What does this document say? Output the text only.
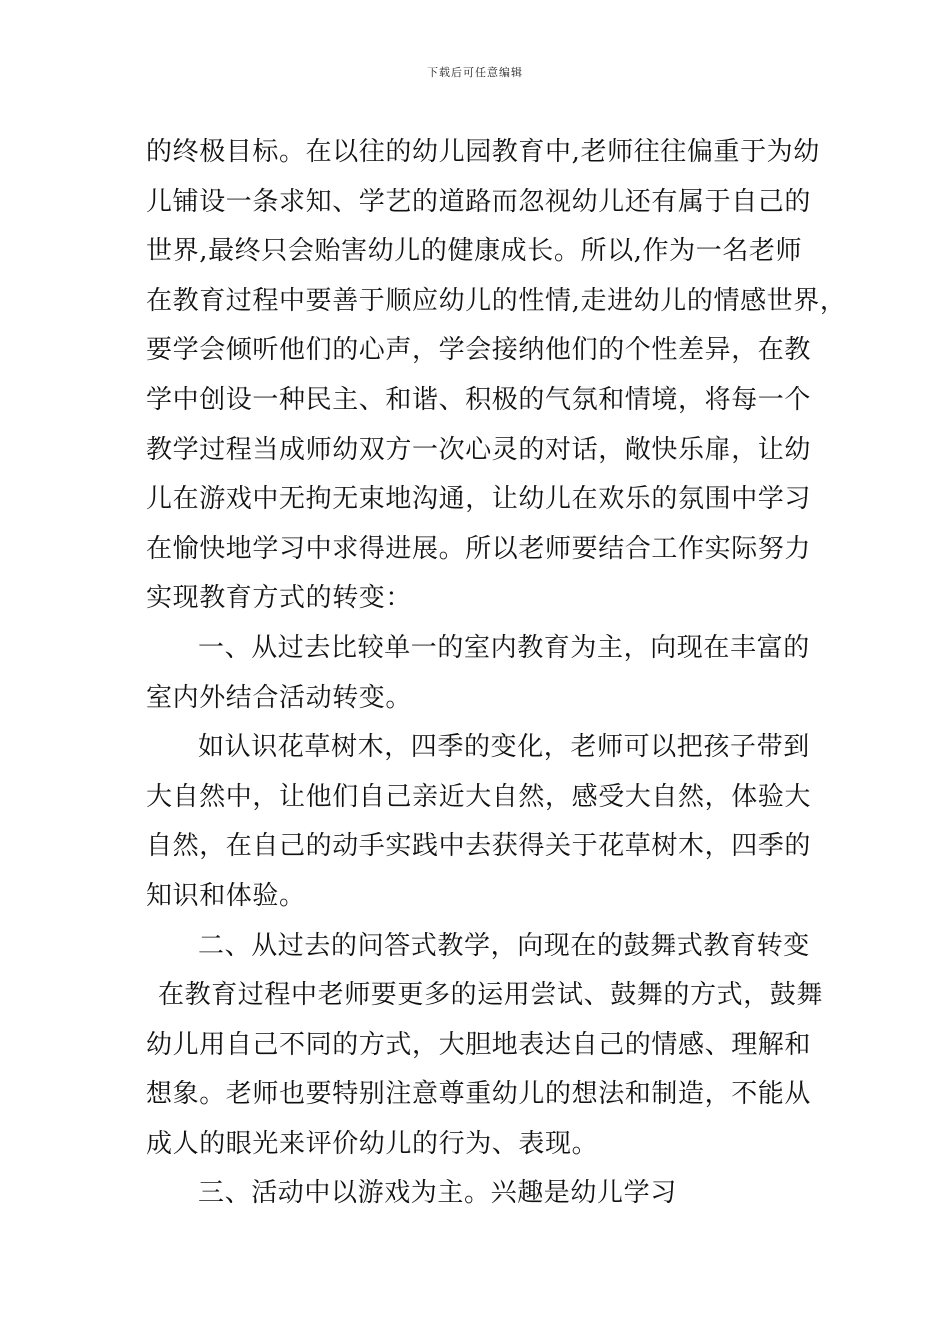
下载后可任意编辑
的终极目标。在以往的幼儿园教育中,老师往往偏重于为幼
儿铺设一条求知、学艺的道路而忽视幼儿还有属于自己的
世界,最终只会贻害幼儿的健康成长。所以,作为一名老师
在教育过程中要善于顺应幼儿的性情,走进幼儿的情感世界，
要学会倾听他们的心声，学会接纳他们的个性差异，在教
学中创设一种民主、和谐、积极的气氛和情境，将每一个
教学过程当成师幼双方一次心灵的对话，敞快乐扉，让幼
儿在游戏中无拘无束地沟通，让幼儿在欢乐的氛围中学习
在愉快地学习中求得进展。所以老师要结合工作实际努力
实现教育方式的转变：
一、从过去比较单一的室内教育为主，向现在丰富的
室内外结合活动转变。
如认识花草树木，四季的变化，老师可以把孩子带到
大自然中，让他们自己亲近大自然，感受大自然，体验大
自然，在自己的动手实践中去获得关于花草树木，四季的
知识和体验。
二、从过去的问答式教学，向现在的鼓舞式教育转变
在教育过程中老师要更多的运用尝试、鼓舞的方式，鼓舞
幼儿用自己不同的方式，大胆地表达自己的情感、理解和
想象。老师也要特别注意尊重幼儿的想法和制造，不能从
成人的眼光来评价幼儿的行为、表现。
三、活动中以游戏为主。兴趣是幼儿学习
